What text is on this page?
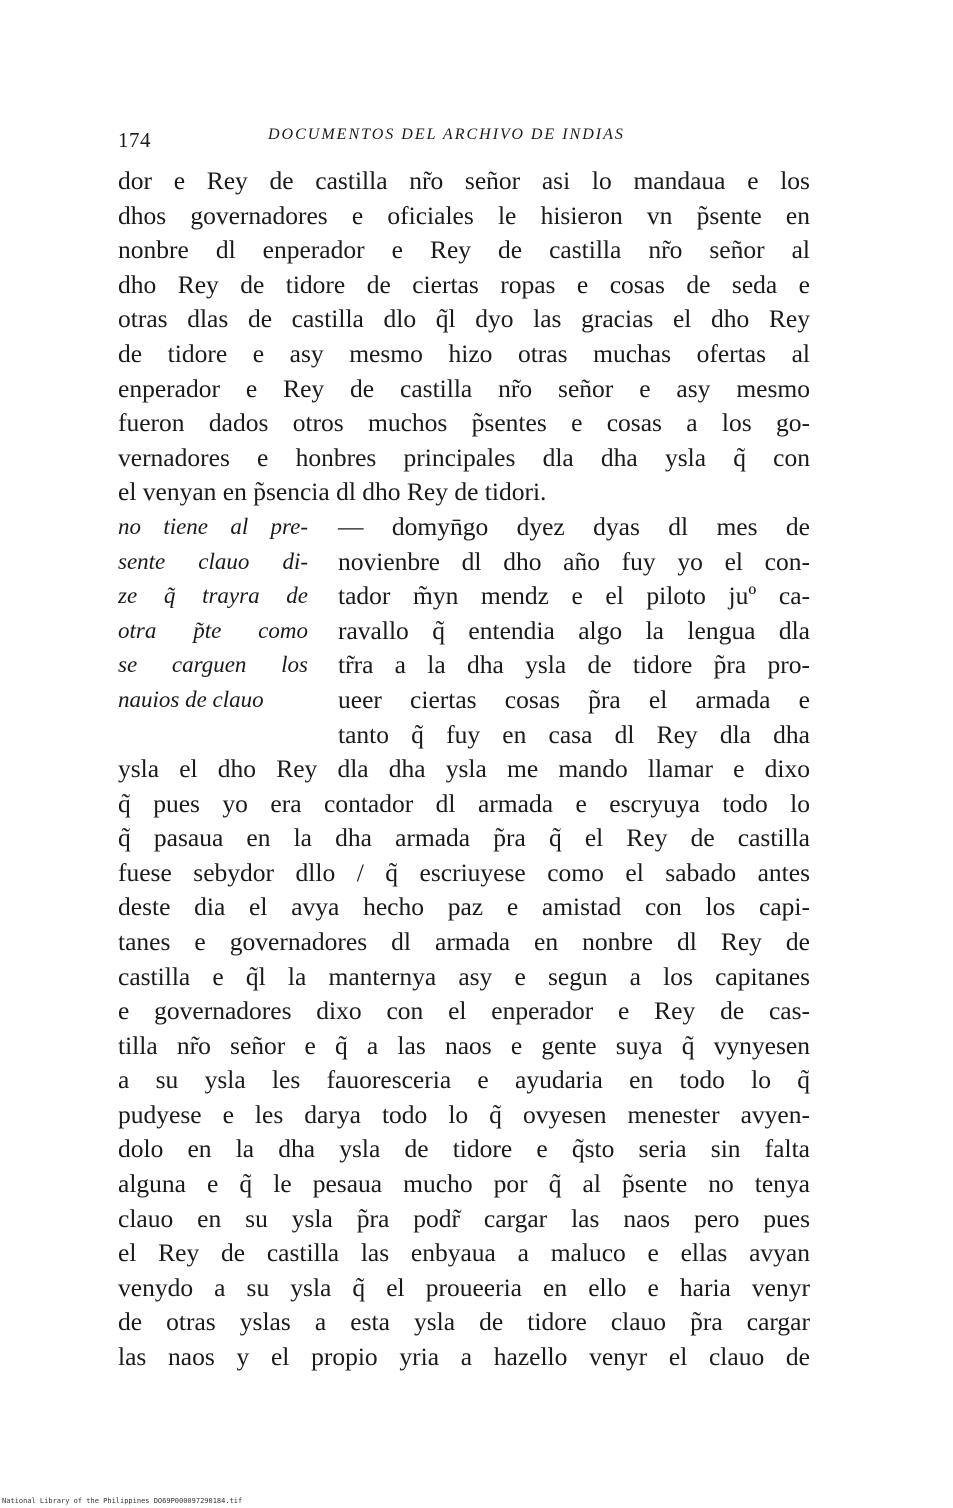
174	DOCUMENTOS DEL ARCHIVO DE INDIAS
dor e Rey de castilla nr̃o señor asi lo mandaua e los
dhos governadores e oficiales le hisieron vn p̃sente en
nonbre dl enperador e Rey de castilla nr̃o señor al
dho Rey de tidore de ciertas ropas e cosas de seda e
otras dlas de castilla dlo q̃l dyo las gracias el dho Rey
de tidore e asy mesmo hizo otras muchas ofertas al
enperador e Rey de castilla nr̃o señor e asy mesmo
fueron dados otros muchos p̃sentes e cosas a los go-
vernadores e honbres principales dla dha ysla q̃ con
el venyan en p̃sencia dl dho Rey de tidori.
no tiene al pre-
sente clauo di-
ze q̃ trayra de
otra p̃te como
se carguen los
nauios de clauo
— domyn̄go dyez dyas dl mes de
novienbre dl dho año fuy yo el con-
tador m̃yn mendz e el piloto juº ca-
ravallo q̃ entendia algo la lengua dla
tr̃ra a la dha ysla de tidore p̃ra pro-
ueer ciertas cosas p̃ra el armada e
tanto q̃ fuy en casa dl Rey dla dha
ysla el dho Rey dla dha ysla me mando llamar e dixo
q̃ pues yo era contador dl armada e escryuya todo lo
q̃ pasaua en la dha armada p̃ra q̃ el Rey de castilla
fuese sebydor dllo / q̃ escriuyese como el sabado antes
deste dia el avya hecho paz e amistad con los capi-
tanes e governadores dl armada en nonbre dl Rey de
castilla e q̃l la manternya asy e segun a los capitanes
e governadores dixo con el enperador e Rey de cas-
tilla nr̃o señor e q̃ a las naos e gente suya q̃ vynyesen
a su ysla les fauoresceria e ayudaria en todo lo q̃
pudyese e les darya todo lo q̃ ovyesen menester avyen-
dolo en la dha ysla de tidore e q̃sto seria sin falta
alguna e q̃ le pesaua mucho por q̃ al p̃sente no tenya
clauo en su ysla p̃ra podr̃ cargar las naos pero pues
el Rey de castilla las enbyaua a maluco e ellas avyan
venydo a su ysla q̃ el proueeria en ello e haria venyr
de otras yslas a esta ysla de tidore clauo p̃ra cargar
las naos y el propio yria a hazello venyr el clauo de
National Library of the Philippines DO69P000097290184.tif
